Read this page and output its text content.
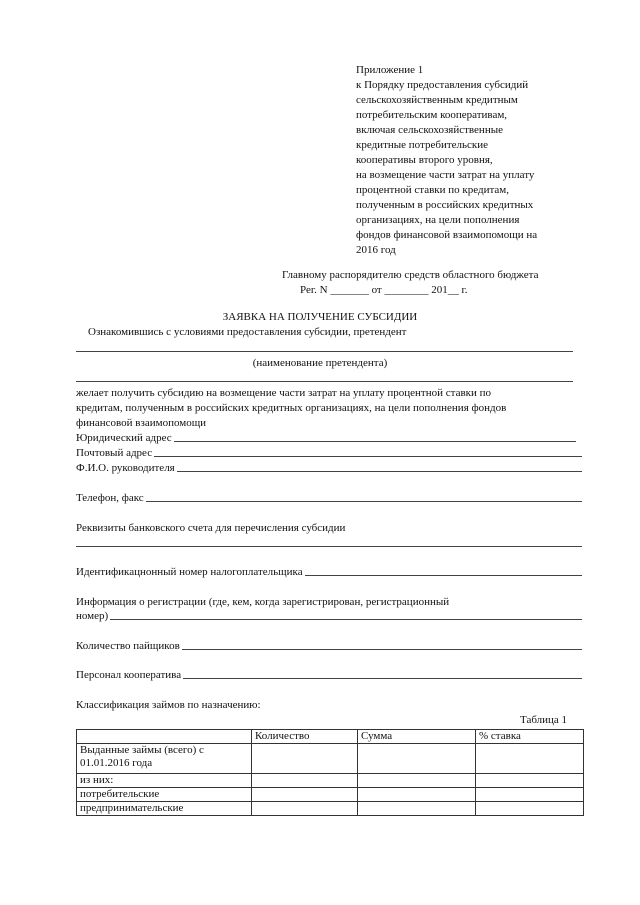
Приложение 1
к Порядку предоставления субсидий
сельскохозяйственным кредитным
потребительским кооперативам,
включая сельскохозяйственные
кредитные потребительские
кооперативы второго уровня,
на возмещение части затрат на уплату
процентной ставки по кредитам,
полученным в российских кредитных
организациях, на цели пополнения
фондов финансовой взаимопомощи на
2016 год
Главному распорядителю средств областного бюджета
Рег. N _______ от ________ 201__ г.
ЗАЯВКА НА ПОЛУЧЕНИЕ СУБСИДИИ
Ознакомившись с условиями предоставления субсидии, претендент
(наименование претендента)
желает получить субсидию на возмещение части затрат на уплату процентной ставки по
кредитам, полученным в российских кредитных организациях, на цели пополнения фондов
финансовой взаимопомощи
Юридический адрес
Почтовый адрес
Ф.И.О. руководителя
Телефон, факс
Реквизиты банковского счета для перечисления субсидии
Идентификацнонный номер налогоплательщика
Информация о регистрации (где, кем, когда зарегистрирован, регистрационный
номер)
Количество пайщиков
Персонал кооператива
Классификация займов по назначению:
Таблица 1
	Количество	Сумма	% ставка
Выданные займы (всего) с 01.01.2016 года			
из них:			
потребительские			
предпринимательские			
